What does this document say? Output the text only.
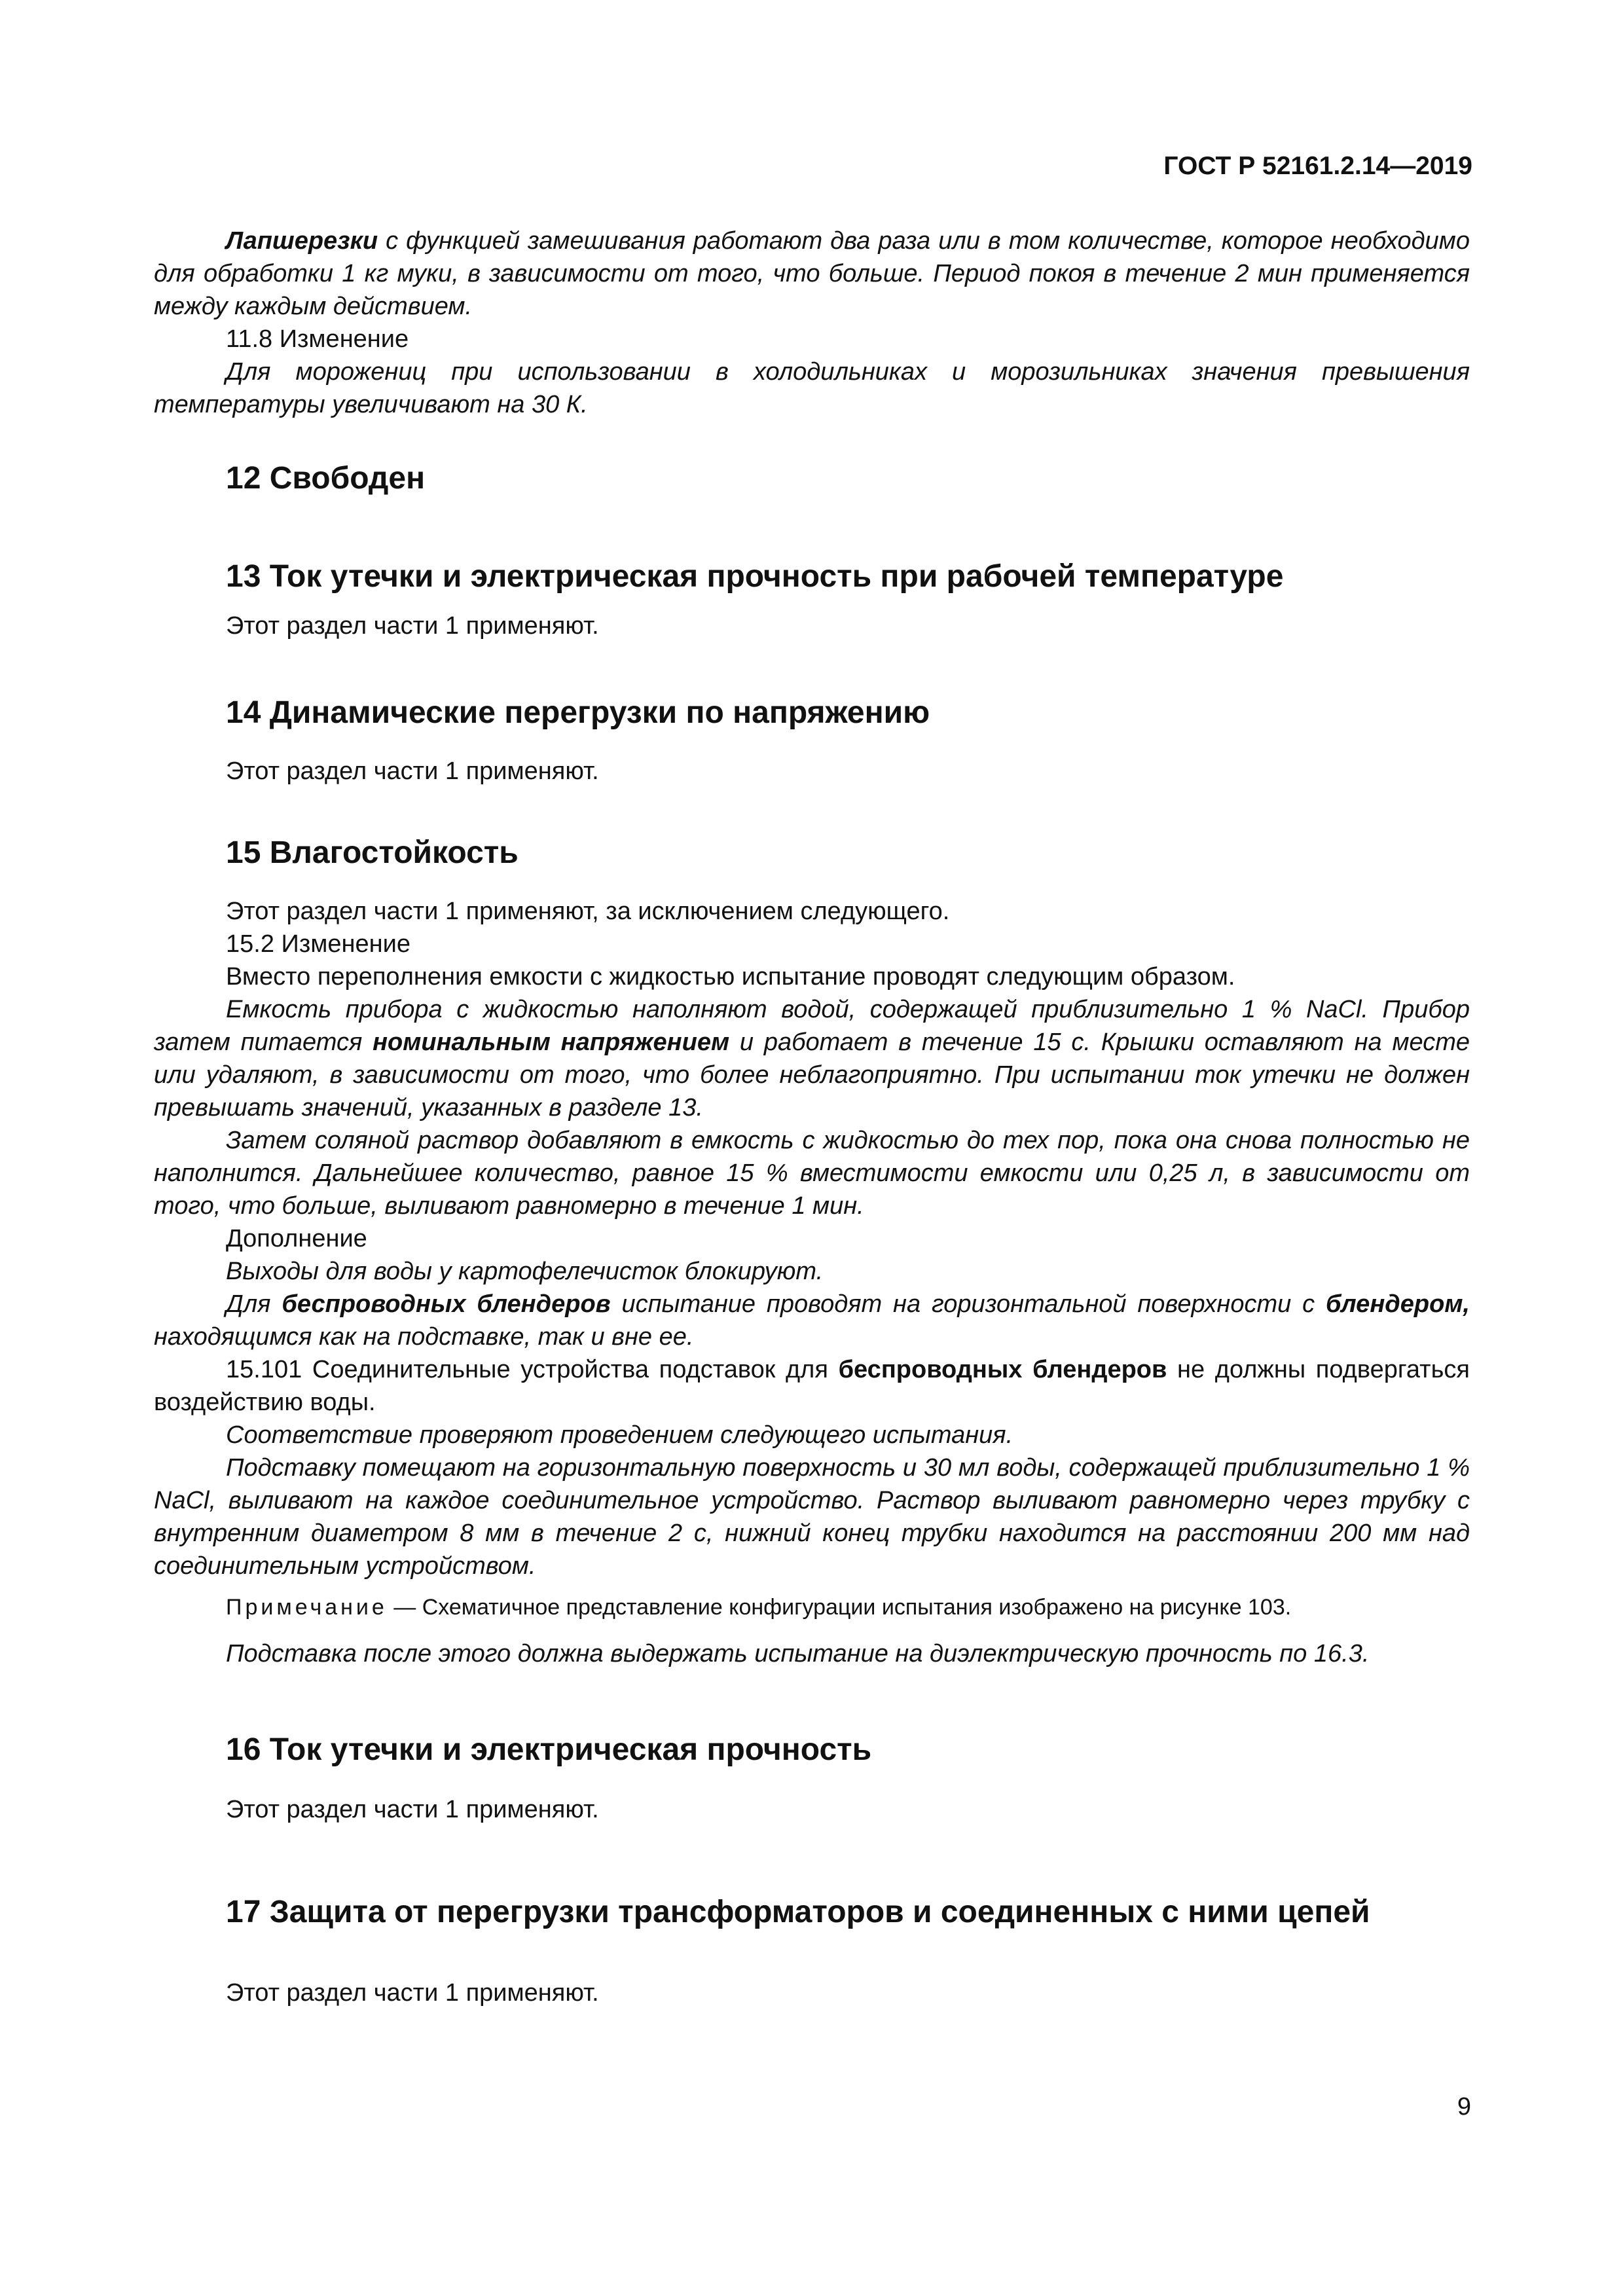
ГОСТ Р 52161.2.14—2019

Лапшерезки с функцией замешивания работают два раза или в том количестве, которое необходимо для обработки 1 кг муки, в зависимости от того, что больше. Период покоя в течение 2 мин применяется между каждым действием.

11.8 Изменение

Для морожениц при использовании в холодильниках и морозильниках значения превышения температуры увеличивают на 30 К.

12 Свободен
13 Ток утечки и электрическая прочность при рабочей температуре

Этот раздел части 1 применяют.

14 Динамические перегрузки по напряжению

Этот раздел части 1 применяют.

15 Влагостойкость

Этот раздел части 1 применяют, за исключением следующего.

15.2 Изменение

Вместо переполнения емкости с жидкостью испытание проводят следующим образом.

Емкость прибора с жидкостью наполняют водой, содержащей приблизительно 1 % NaCl. Прибор затем питается номинальным напряжением и работает в течение 15 с. Крышки оставляют на месте или удаляют, в зависимости от того, что более неблагоприятно. При испытании ток утечки не должен превышать значений, указанных в разделе 13.

Затем соляной раствор добавляют в емкость с жидкостью до тех пор, пока она снова полностью не наполнится. Дальнейшее количество, равное 15 % вместимости емкости или 0,25 л, в зависимости от того, что больше, выливают равномерно в течение 1 мин.

Дополнение

Выходы для воды у картофелечисток блокируют.

Для беспроводных блендеров испытание проводят на горизонтальной поверхности с блендером, находящимся как на подставке, так и вне ее.

15.101 Соединительные устройства подставок для беспроводных блендеров не должны подвергаться воздействию воды.

Соответствие проверяют проведением следующего испытания.

Подставку помещают на горизонтальную поверхность и 30 мл воды, содержащей приблизительно 1 % NaCl, выливают на каждое соединительное устройство. Раствор выливают равномерно через трубку с внутренним диаметром 8 мм в течение 2 с, нижний конец трубки находится на расстоянии 200 мм над соединительным устройством.

Примечание — Схематичное представление конфигурации испытания изображено на рисунке 103.

Подставка после этого должна выдержать испытание на диэлектрическую прочность по 16.3.

16 Ток утечки и электрическая прочность

Этот раздел части 1 применяют.

17 Защита от перегрузки трансформаторов и соединенных с ними цепей

Этот раздел части 1 применяют.

9
